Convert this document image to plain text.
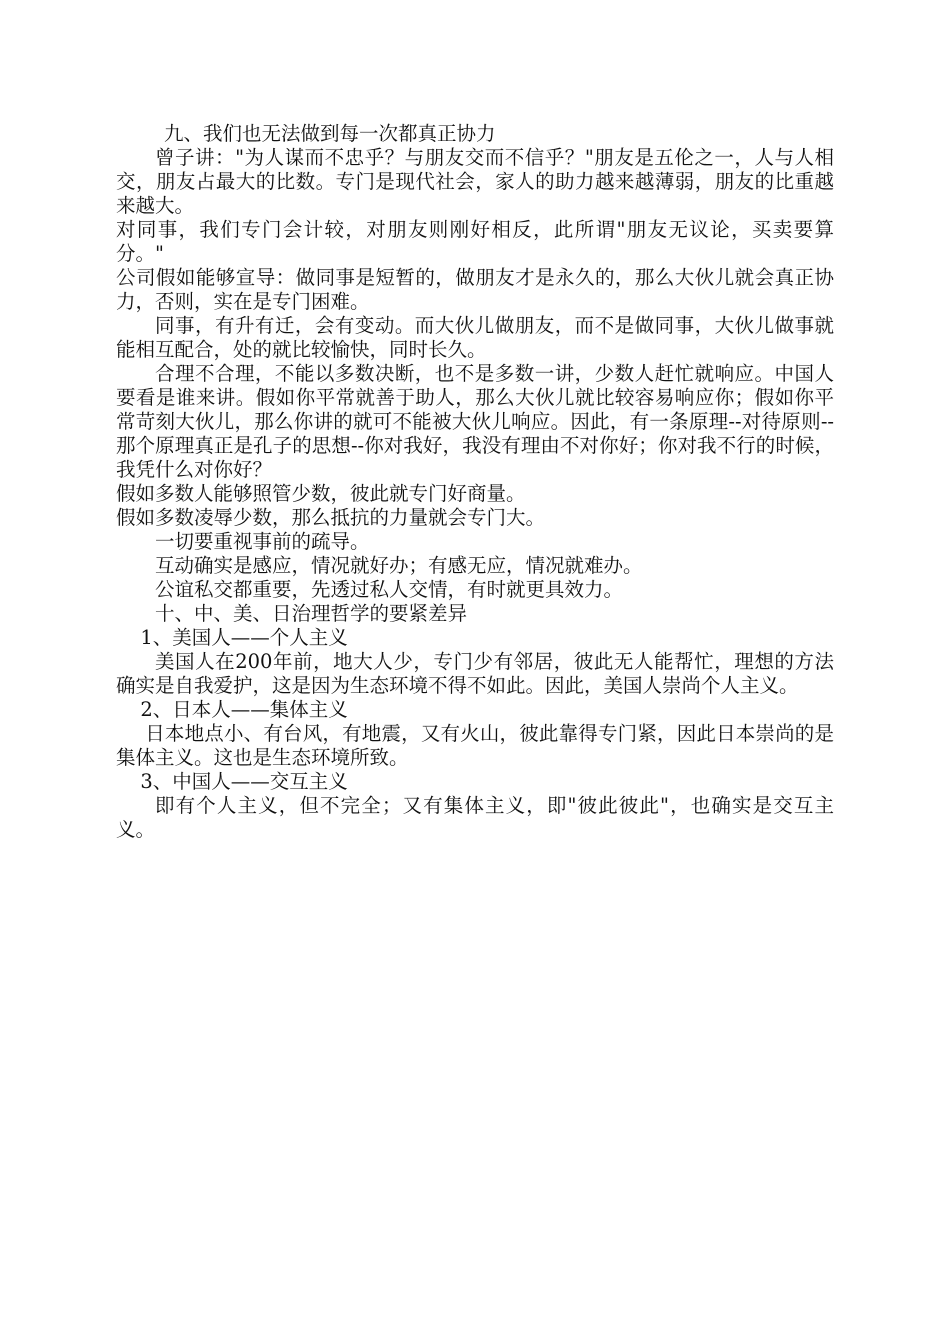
九、我们也无法做到每一次都真正协力

曾子讲："为人谋而不忠乎？与朋友交而不信乎？"朋友是五伦之一，人与人相交，朋友占最大的比数。专门是现代社会，家人的助力越来越薄弱，朋友的比重越来越大。

对同事，我们专门会计较，对朋友则刚好相反，此所谓"朋友无议论，买卖要算分。"

公司假如能够宣导：做同事是短暂的，做朋友才是永久的，那么大伙儿就会真正协力，否则，实在是专门困难。

同事，有升有迁，会有变动。而大伙儿做朋友，而不是做同事，大伙儿做事就能相互配合，处的就比较愉快，同时长久。

合理不合理，不能以多数决断，也不是多数一讲，少数人赶忙就响应。中国人要看是谁来讲。假如你平常就善于助人，那么大伙儿就比较容易响应你；假如你平常苛刻大伙儿，那么你讲的就可不能被大伙儿响应。因此，有一条原理--对待原则--那个原理真正是孔子的思想--你对我好，我没有理由不对你好；你对我不行的时候，我凭什么对你好？

假如多数人能够照管少数，彼此就专门好商量。

假如多数凌辱少数，那么抵抗的力量就会专门大。

一切要重视事前的疏导。

互动确实是感应，情况就好办；有感无应，情况就难办。

公谊私交都重要，先透过私人交情，有时就更具效力。

十、中、美、日治理哲学的要紧差异

1、美国人——个人主义

美国人在200年前，地大人少，专门少有邻居，彼此无人能帮忙，理想的方法确实是自我爱护，这是因为生态环境不得不如此。因此，美国人崇尚个人主义。

2、日本人——集体主义

日本地点小、有台风，有地震，又有火山，彼此靠得专门紧，因此日本崇尚的是集体主义。这也是生态环境所致。

3、中国人——交互主义

即有个人主义，但不完全；又有集体主义，即"彼此彼此"，也确实是交互主义。
